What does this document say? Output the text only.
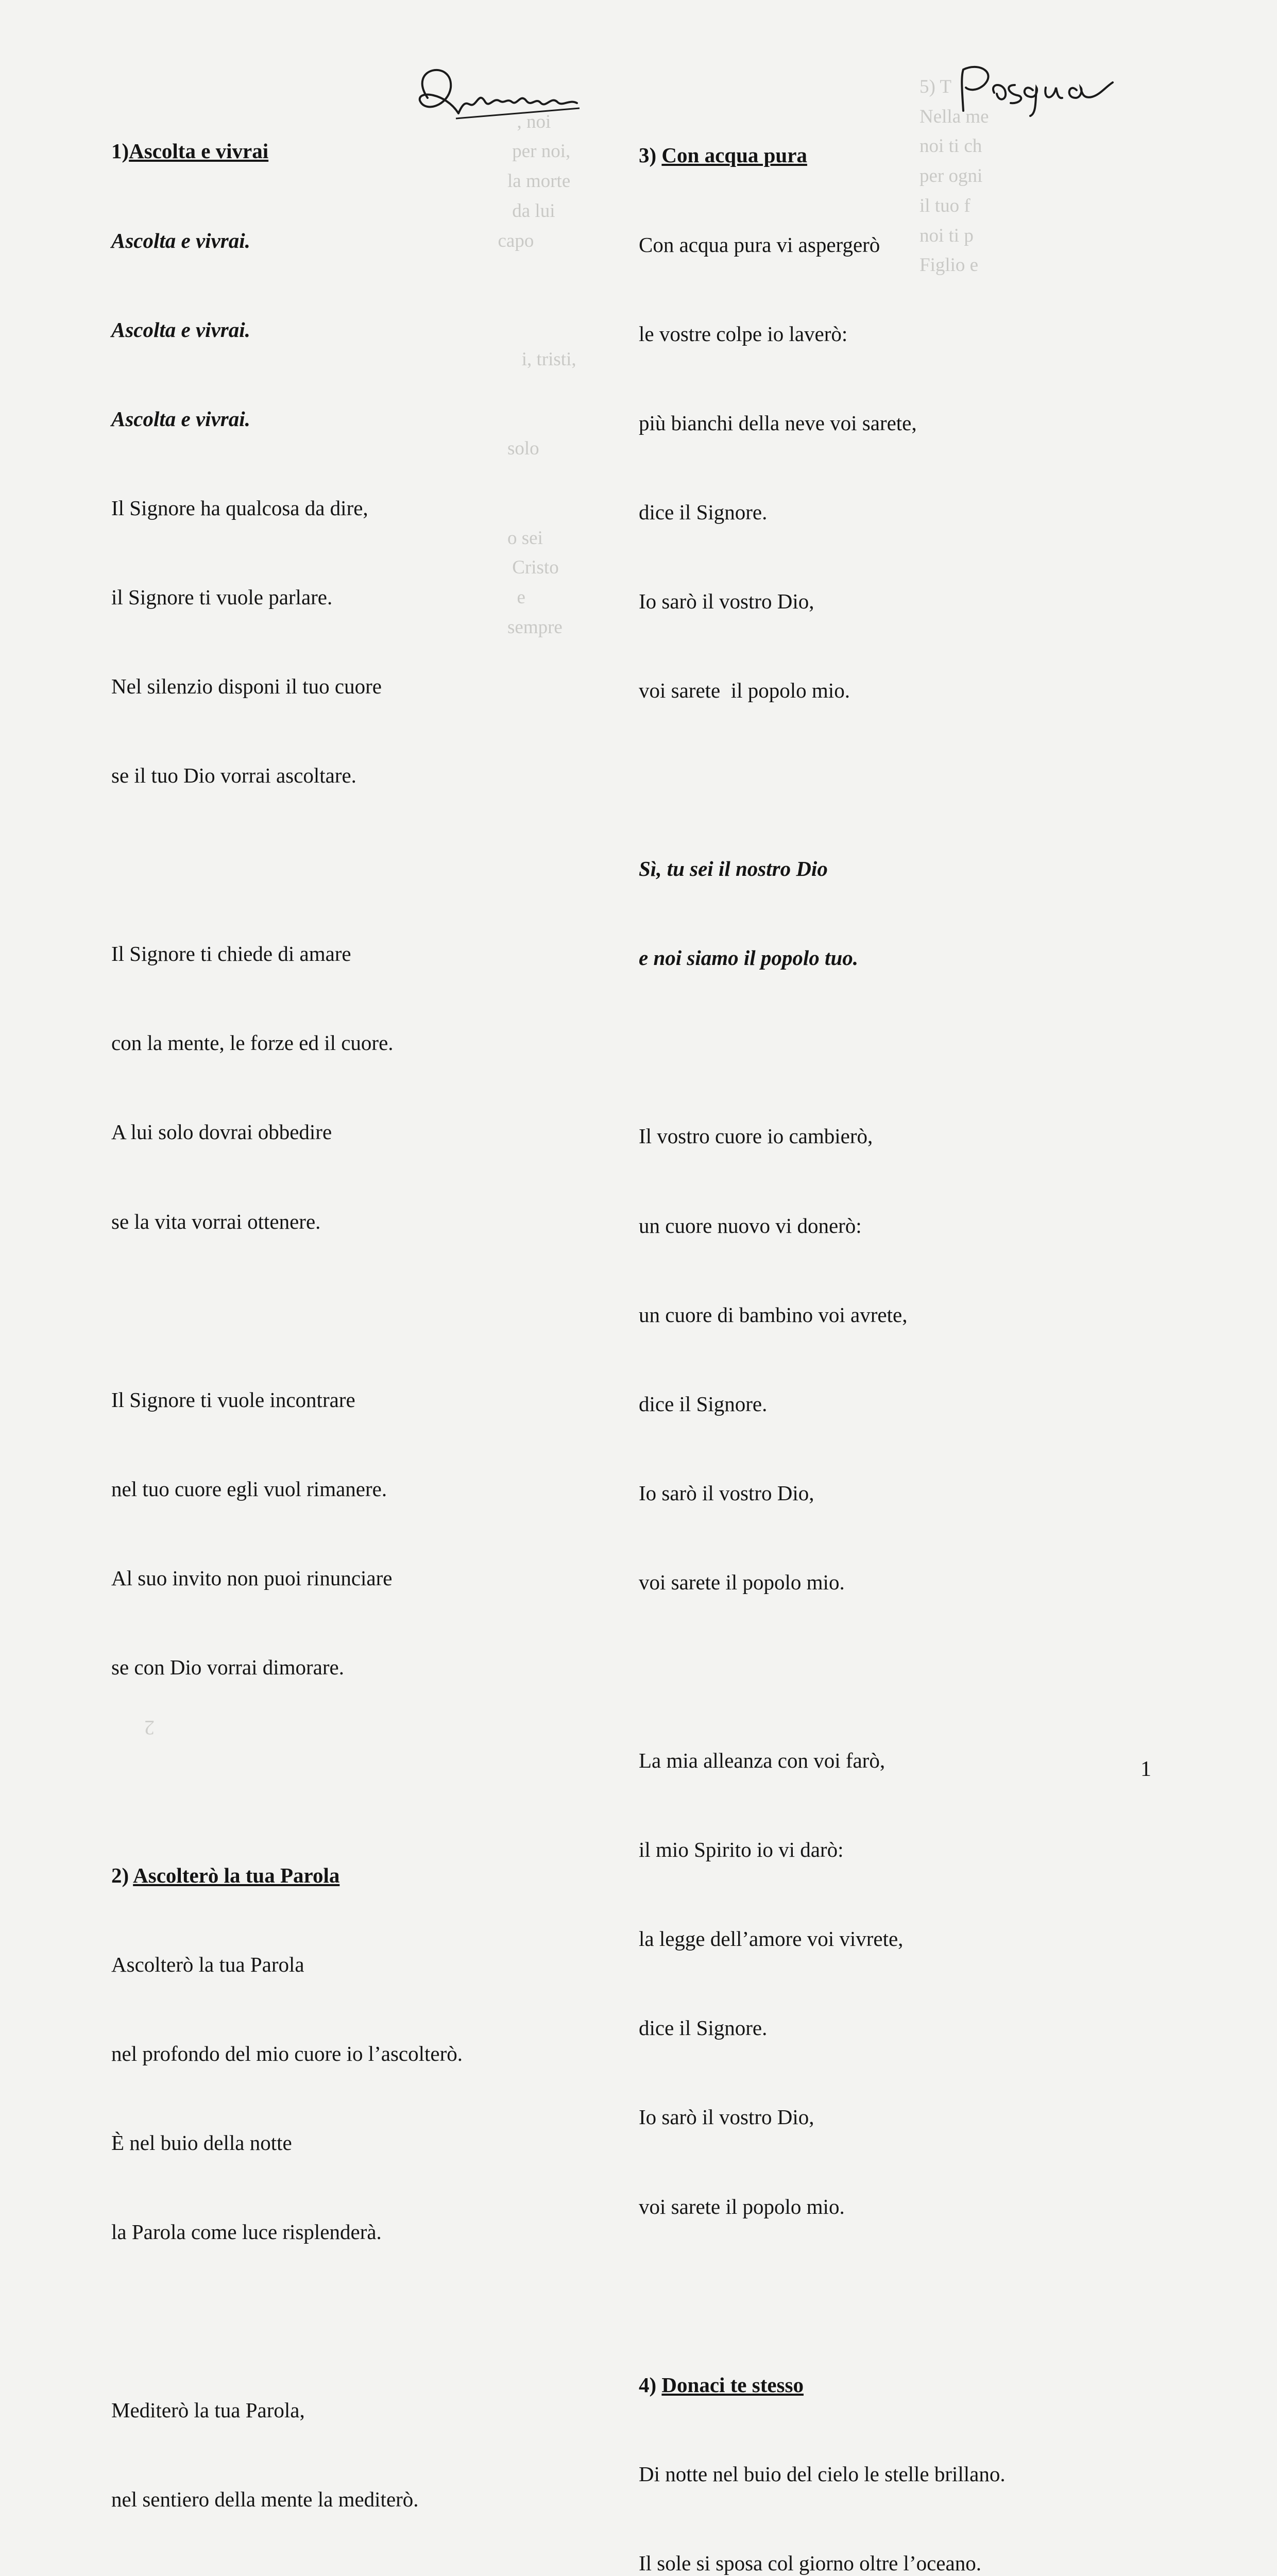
5) T
Nella me
noi ti ch
per ogni
il tuo f
noi ti p
Figlio e

, noi
per noi,
la morte
da lui
capo

i, tristi,

solo

o sei
Cristo
e
sempre
2

1)Ascolta e vivrai

Ascolta e vivrai.

Ascolta e vivrai.

Ascolta e vivrai.

Il Signore ha qualcosa da dire,

il Signore ti vuole parlare.

Nel silenzio disponi il tuo cuore

se il tuo Dio vorrai ascoltare.

Il Signore ti chiede di amare

con la mente, le forze ed il cuore.

A lui solo dovrai obbedire

se la vita vorrai ottenere.

Il Signore ti vuole incontrare

nel tuo cuore egli vuol rimanere.

Al suo invito non puoi rinunciare

se con Dio vorrai dimorare.

2) Ascolterò la tua Parola

Ascolterò la tua Parola

nel profondo del mio cuore io l’ascolterò.

È nel buio della notte

la Parola come luce risplenderà.

Mediterò la tua Parola,

nel sentiero della mente la mediterò.

3) Con acqua pura

Con acqua pura vi aspergerò

le vostre colpe io laverò:

più bianchi della neve voi sarete,

dice il Signore.

Io sarò il vostro Dio,

voi sarete  il popolo mio.

Sì, tu sei il nostro Dio

e noi siamo il popolo tuo.

Il vostro cuore io cambierò,

un cuore nuovo vi donerò:

un cuore di bambino voi avrete,

dice il Signore.

Io sarò il vostro Dio,

voi sarete il popolo mio.

La mia alleanza con voi farò,

il mio Spirito io vi darò:

la legge dell’amore voi vivrete,

dice il Signore.

Io sarò il vostro Dio,

voi sarete il popolo mio.

4) Donaci te stesso

Di notte nel buio del cielo le stelle brillano.

Il sole si sposa col giorno oltre l’oceano.

1
